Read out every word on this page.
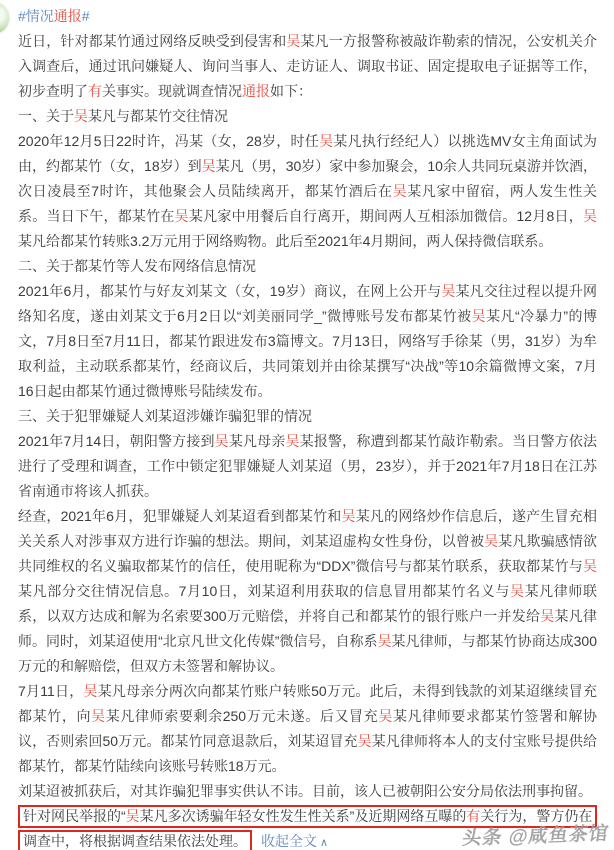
#情况通报#

近日，针对都某竹通过网络反映受到侵害和吴某凡一方报警称被敲诈勒索的情况，公安机关介入调查后，通过讯问嫌疑人、询问当事人、走访证人、调取书证、固定提取电子证据等工作，初步查明了有关事实。现就调查情况通报如下：

一、关于吴某凡与都某竹交往情况

2020年12月5日22时许，冯某（女，28岁，时任吴某凡执行经纪人）以挑选MV女主角面试为由，约都某竹（女，18岁）到吴某凡（男，30岁）家中参加聚会，10余人共同玩桌游并饮酒，次日凌晨至7时许，其他聚会人员陆续离开，都某竹酒后在吴某凡家中留宿，两人发生性关系。当日下午，都某竹在吴某凡家中用餐后自行离开，期间两人互相添加微信。12月8日，吴某凡给都某竹转账3.2万元用于网络购物。此后至2021年4月期间，两人保持微信联系。

二、关于都某竹等人发布网络信息情况

2021年6月，都某竹与好友刘某文（女，19岁）商议，在网上公开与吴某凡交往过程以提升网络知名度，遂由刘某文于6月2日以“刘美丽同学_”微博账号发布都某竹被吴某凡“冷暴力”的博文，7月8日至7月11日，都某竹跟进发布3篇博文。7月13日，网络写手徐某（男，31岁）为牟取利益，主动联系都某竹，经商议后，共同策划并由徐某撰写“决战”等10余篇微博文案，7月16日起由都某竹通过微博账号陆续发布。

三、关于犯罪嫌疑人刘某迢涉嫌诈骗犯罪的情况

2021年7月14日，朝阳警方接到吴某凡母亲吴某报警，称遭到都某竹敲诈勒索。当日警方依法进行了受理和调查，工作中锁定犯罪嫌疑人刘某迢（男，23岁），并于2021年7月18日在江苏省南通市将该人抓获。

经查，2021年6月，犯罪嫌疑人刘某迢看到都某竹和吴某凡的网络炒作信息后，遂产生冒充相关关系人对涉事双方进行诈骗的想法。期间，刘某迢虚构女性身份，以曾被吴某凡欺骗感情欲共同维权的名义骗取都某竹的信任，使用昵称为“DDX”微信号与都某竹联系，获取都某竹与吴某凡部分交往情况信息。7月10日，刘某迢利用获取的信息冒用都某竹名义与吴某凡律师联系，以双方达成和解为名索要300万元赔偿，并将自己和都某竹的银行账户一并发给吴某凡律师。同时，刘某迢使用“北京凡世文化传媒”微信号，自称系吴某凡律师，与都某竹协商达成300万元的和解赔偿，但双方未签署和解协议。

7月11日，吴某凡母亲分两次向都某竹账户转账50万元。此后，未得到钱款的刘某迢继续冒充都某竹，向吴某凡律师索要剩余250万元未遂。后又冒充吴某凡律师要求都某竹签署和解协议，否则索回50万元。都某竹同意退款后，刘某迢冒充吴某凡律师将本人的支付宝账号提供给都某竹，都某竹陆续向该账号转账18万元。

刘某迢被抓获后，对其诈骗犯罪事实供认不讳。目前，该人已被朝阳公安分局依法刑事拘留。

针对网民举报的“吴某凡多次诱骗年轻女性发生性关系”及近期网络互曝的有关行为，警方仍在调查中，将根据调查结果依法处理。 收起全文 ∧	头条 @咸鱼茶馆
